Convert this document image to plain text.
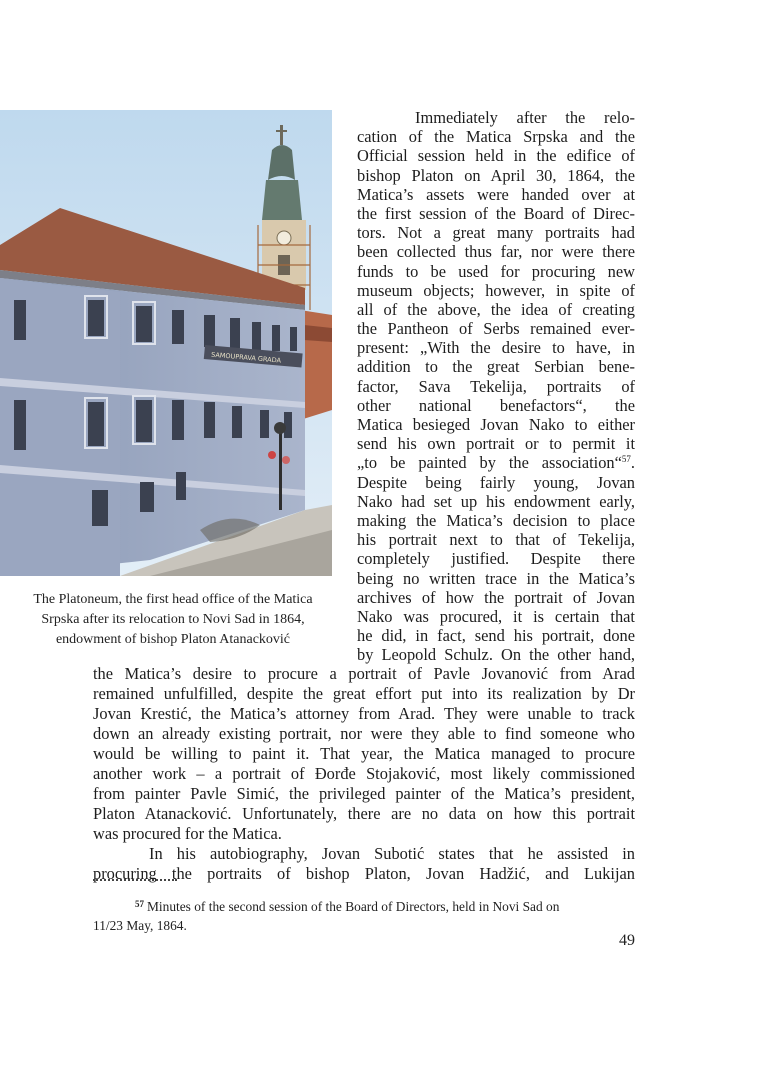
SAMOUPRAVA GRADA
The Platoneum, the first head office of the Matica
Srpska after its relocation to Novi Sad in 1864,
endowment of bishop Platon Atanacković
Immediately after the relo-
cation of the Matica Srpska and the
Official session held in the edifice of
bishop Platon on April 30, 1864, the
Matica’s assets were handed over at
the first session of the Board of Direc-
tors. Not a great many portraits had
been collected thus far, nor were there
funds to be used for procuring new
museum objects; however, in spite of
all of the above, the idea of creating
the Pantheon of Serbs remained ever-
present: „With the desire to have, in
addition to the great Serbian bene-
factor, Sava Tekelija, portraits of
other national benefactors“, the
Matica besieged Jovan Nako to either
send his own portrait or to permit it
„to be painted by the association“$^{57}$.
Despite being fairly young, Jovan
Nako had set up his endowment early,
making the Matica’s decision to place
his portrait next to that of Tekelija,
completely justified. Despite there
being no written trace in the Matica’s
archives of how the portrait of Jovan
Nako was procured, it is certain that
he did, in fact, send his portrait, done
by Leopold Schulz. On the other hand,
the Matica’s desire to procure a portrait of Pavle Jovanović from Arad
remained unfulfilled, despite the great effort put into its realization by Dr
Jovan Krestić, the Matica’s attorney from Arad. They were unable to track
down an already existing portrait, nor were they able to find someone who
would be willing to paint it. That year, the Matica managed to procure
another work – a portrait of Đorđe Stojaković, most likely commissioned
from painter Pavle Simić, the privileged painter of the Matica’s president,
Platon Atanacković. Unfortunately, there are no data on how this portrait
was procured for the Matica.
In his autobiography, Jovan Subotić states that he assisted in
procuring the portraits of bishop Platon, Jovan Hadžić, and Lukijan
$^{57}$ Minutes of the second session of the Board of Directors, held in Novi Sad on
11/23 May, 1864.
49
